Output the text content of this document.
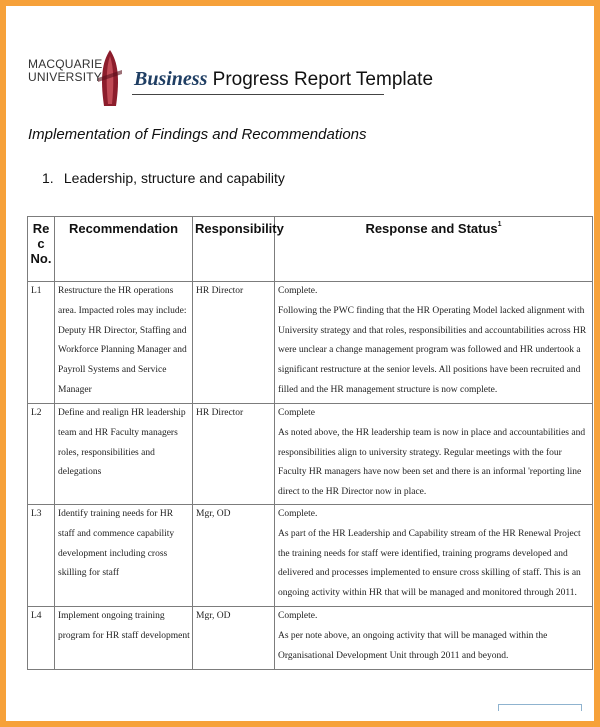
MACQUARIE
UNIVERSITY Business Progress Report Template
Implementation of Findings and Recommendations
1. Leadership, structure and capability
Re
c
No.	Recommendation	Responsibility	Response and Status$^1$
L1	Restructure the HR operations area. Impacted roles may include: Deputy HR Director, Staffing and Workforce Planning Manager and Payroll Systems and Service Manager	HR Director	Complete.
Following the PWC finding that the HR Operating Model lacked alignment with University strategy and that roles, responsibilities and accountabilities across HR were unclear a change management program was followed and HR undertook a significant restructure at the senior levels. All positions have been recruited and filled and the HR management structure is now complete.

L2	Define and realign HR leadership team and HR Faculty managers roles, responsibilities and delegations	HR Director	Complete
As noted above, the HR leadership team is now in place and accountabilities and responsibilities align to university strategy. Regular meetings with the four Faculty HR managers have now been set and there is an informal 'reporting line direct to the HR Director now in place.

L3	Identify training needs for HR staff and commence capability development including cross skilling for staff	Mgr, OD	Complete.
As part of the HR Leadership and Capability stream of the HR Renewal Project the training needs for staff were identified, training programs developed and delivered and processes implemented to ensure cross skilling of staff. This is an ongoing activity within HR that will be managed and monitored through 2011.

L4	Implement ongoing training program for HR staff development	Mgr, OD	Complete.
As per note above, an ongoing activity that will be managed within the Organisational Development Unit through 2011 and beyond.
